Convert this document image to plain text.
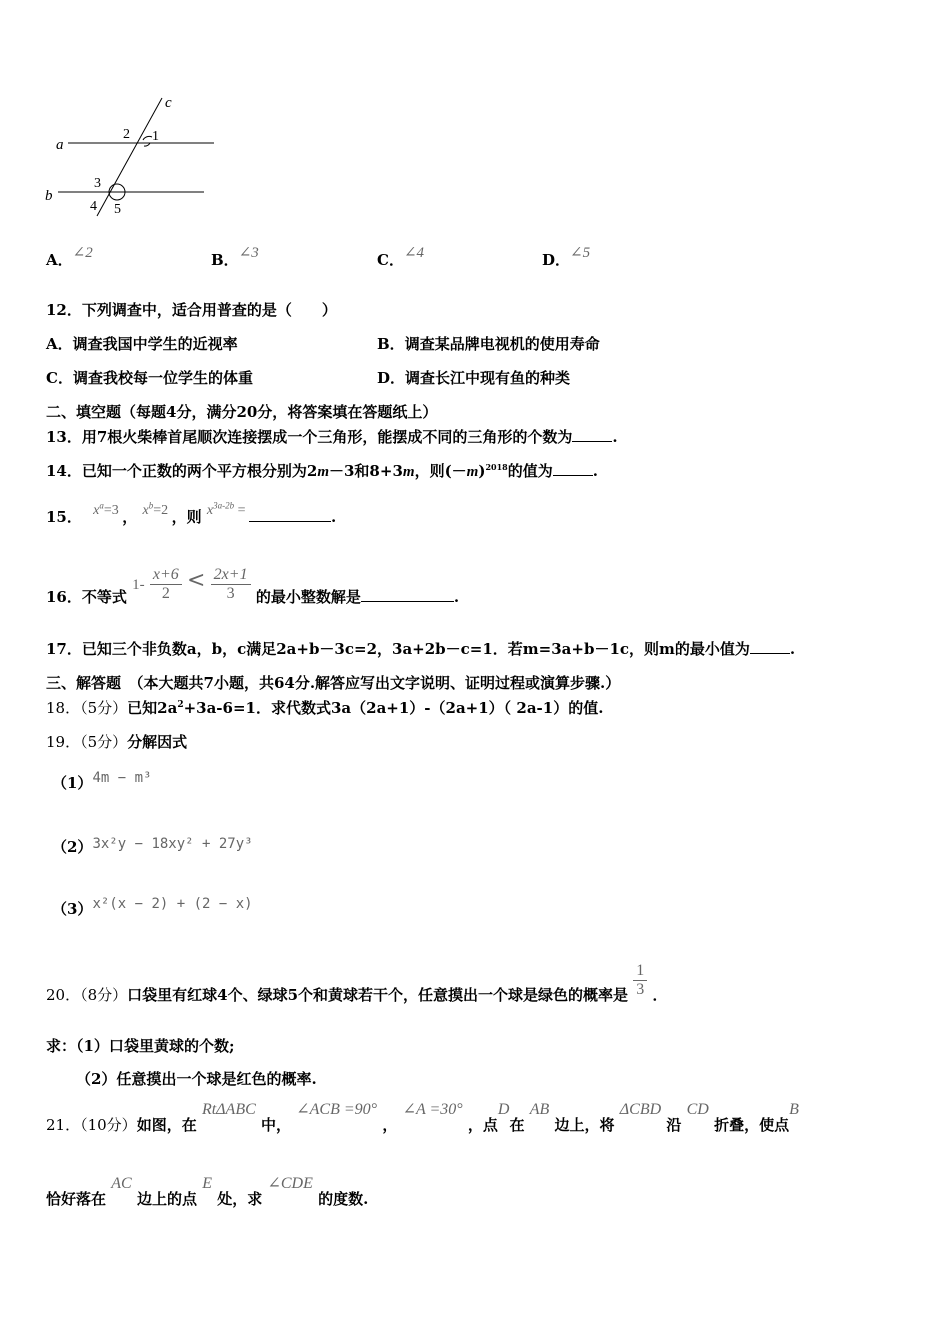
a
b
c
1
2
3
4 5
A．∠2	B．∠3	C．∠4	D．∠5
12．下列调查中，适合用普查的是（　　）
A．调查我国中学生的近视率	B．调查某品牌电视机的使用寿命
C．调查我校每一位学生的体重	D．调查长江中现有鱼的种类
二、填空题（每题4分，满分20分，将答案填在答题纸上）
13．用7根火柴棒首尾顺次连接摆成一个三角形，能摆成不同的三角形的个数为	.
14．已知一个正数的两个平方根分别为2m－3和8+3m，则$(-m)^{2018}$的值为	.
15． $x^a=3$ ， $x^b=2$ ，则 $x^{3a-2b}$ =	.
16．不等式 $1- \frac{x+6}{2} < \frac{2x+1}{3}$ 的最小整数解是	.
17．已知三个非负数a，b，c满足2a+b－3c=2，3a+2b－c=1．若m=3a+b－1c，则m的最小值为	.
三、解答题　（本大题共7小题，共64分.解答应写出文字说明、证明过程或演算步骤.）
18．（5分）已知$2a^2+3a-6=1$．求代数式3a（2a+1）-（2a+1）（ 2a-1）的值.
19．（5分）分解因式
（1）4m − m³
（2）3x²y − 18xy² + 27y³
（3）x²(x − 2) + (2 − x)
20．（8分）口袋里有红球4个、绿球5个和黄球若干个，任意摸出一个球是绿色的概率是 $\frac{1}{3}$ ．
求：（1）口袋里黄球的个数;
（2）任意摸出一个球是红色的概率.
21．（10分）如图，在 RtΔABC 中， ∠ACB =90° ， ∠A =30° ，点D在 AB 边上，将 ΔCBD 沿 CD 折叠，使点B
恰好落在 AC 边上的点 E 处，求 ∠CDE 的度数.
